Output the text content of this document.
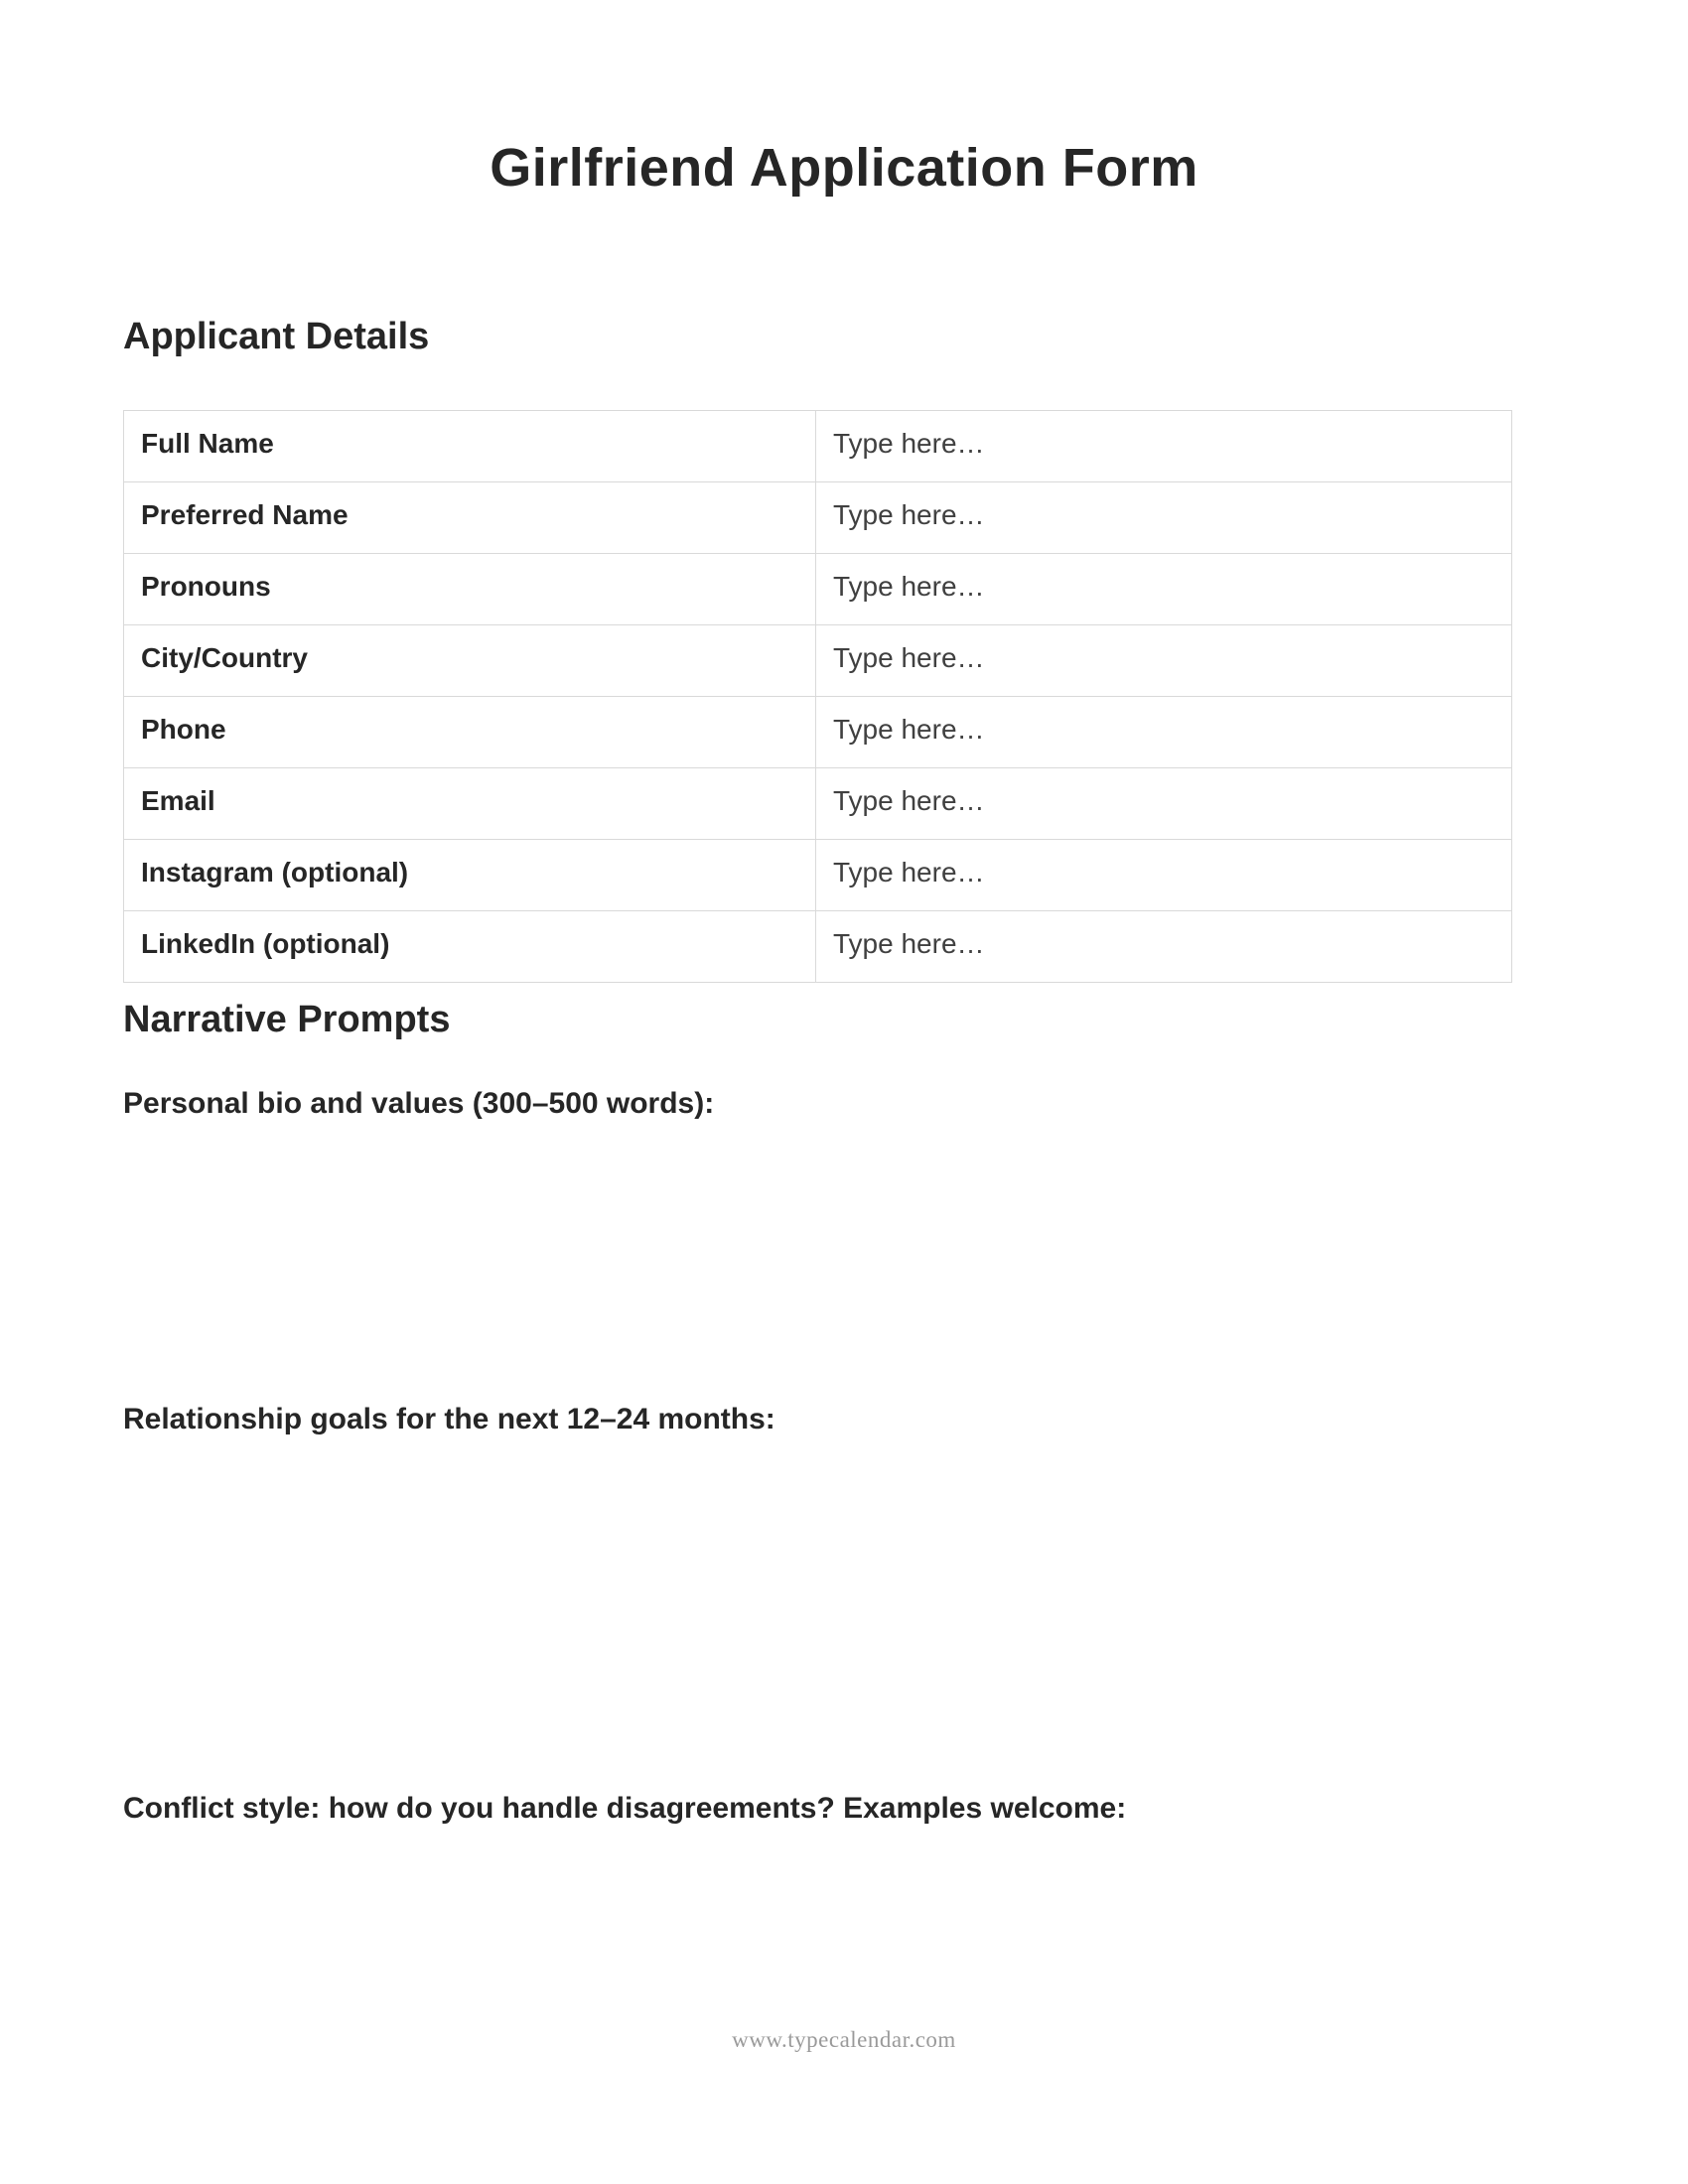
Girlfriend Application Form
Applicant Details
Full Name	Type here…
Preferred Name	Type here…
Pronouns	Type here…
City/Country	Type here…
Phone	Type here…
Email	Type here…
Instagram (optional)	Type here…
LinkedIn (optional)	Type here…
Narrative Prompts
Personal bio and values (300–500 words):
Relationship goals for the next 12–24 months:
Conflict style: how do you handle disagreements? Examples welcome:
www.typecalendar.com
